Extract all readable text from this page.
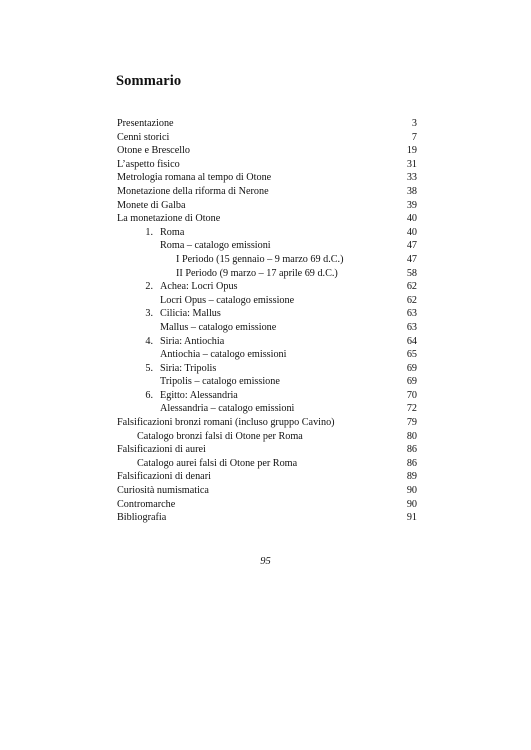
Sommario
Presentazione	3
Cenni storici	7
Otone e Brescello	19
L’aspetto fisico	31
Metrologia romana al tempo di Otone	33
Monetazione della riforma di Nerone	38
Monete di Galba	39
La monetazione di Otone	40
1. Roma	40
Roma – catalogo emissioni	47
I Periodo (15 gennaio – 9 marzo 69 d.C.)	47
II Periodo (9 marzo – 17 aprile 69 d.C.)	58
2. Achea: Locri Opus	62
Locri Opus – catalogo emissione	62
3. Cilicia: Mallus	63
Mallus – catalogo emissione	63
4. Siria: Antiochia	64
Antiochia – catalogo emissioni	65
5. Siria: Tripolis	69
Tripolis – catalogo emissione	69
6. Egitto: Alessandria	70
Alessandria – catalogo emissioni	72
Falsificazioni bronzi romani (incluso gruppo Cavino)	79
Catalogo bronzi falsi di Otone per Roma	80
Falsificazioni di aurei	86
Catalogo aurei falsi di Otone per Roma	86
Falsificazioni di denari	89
Curiosità numismatica	90
Contromarche	90
Bibliografia	91
95
